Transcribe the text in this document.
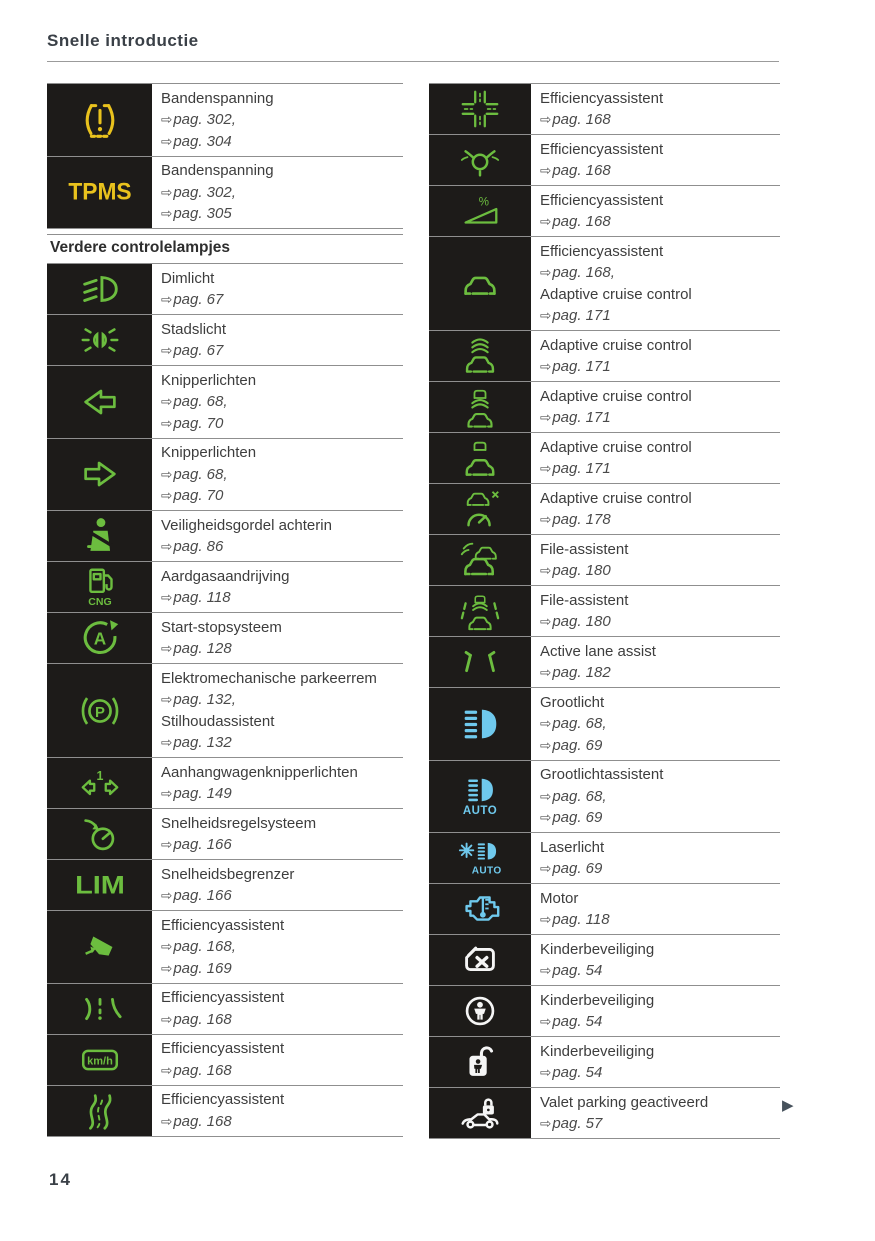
Snelle introductie
Bandenspanning
⇨pag. 302,
⇨pag. 304
TPMS
Bandenspanning
⇨pag. 302,
⇨pag. 305
Verdere controlelampjes
Dimlicht
⇨pag. 67
Stadslicht
⇨pag. 67
Knipperlichten
⇨pag. 68,
⇨pag. 70
Knipperlichten
⇨pag. 68,
⇨pag. 70
Veiligheidsgordel achterin
⇨pag. 86
CNG
Aardgasaandrijving
⇨pag. 118
A
Start-stopsysteem
⇨pag. 128
P
Elektromechanische parkeerrem
⇨pag. 132,
Stilhoudassistent
⇨pag. 132
1	Aanhangwagenknipperlichten
⇨pag. 149
Snelheidsregelsysteem
⇨pag. 166
LIM Snelheidsbegrenzer
⇨pag. 166
Efficiencyassistent
⇨pag. 168,
⇨pag. 169
Efficiencyassistent
⇨pag. 168
km/h
Efficiencyassistent
⇨pag. 168
Efficiencyassistent
⇨pag. 168
Efficiencyassistent
⇨pag. 168
Efficiencyassistent
⇨pag. 168
%	Efficiencyassistent
⇨pag. 168
Efficiencyassistent
⇨pag. 168,
Adaptive cruise control
⇨pag. 171
Adaptive cruise control
⇨pag. 171
Adaptive cruise control
⇨pag. 171
Adaptive cruise control
⇨pag. 171
Adaptive cruise control
⇨pag. 178
File-assistent
⇨pag. 180
File-assistent
⇨pag. 180
Active lane assist
⇨pag. 182
Grootlicht
⇨pag. 68,
⇨pag. 69
AUTO
Grootlichtassistent
⇨pag. 68,
⇨pag. 69
AUTO
Laserlicht
⇨pag. 69
Motor
⇨pag. 118
Kinderbeveiliging
⇨pag. 54
Kinderbeveiliging
⇨pag. 54
Kinderbeveiliging
⇨pag. 54
Valet parking geactiveerd
⇨pag. 57
14
▶
